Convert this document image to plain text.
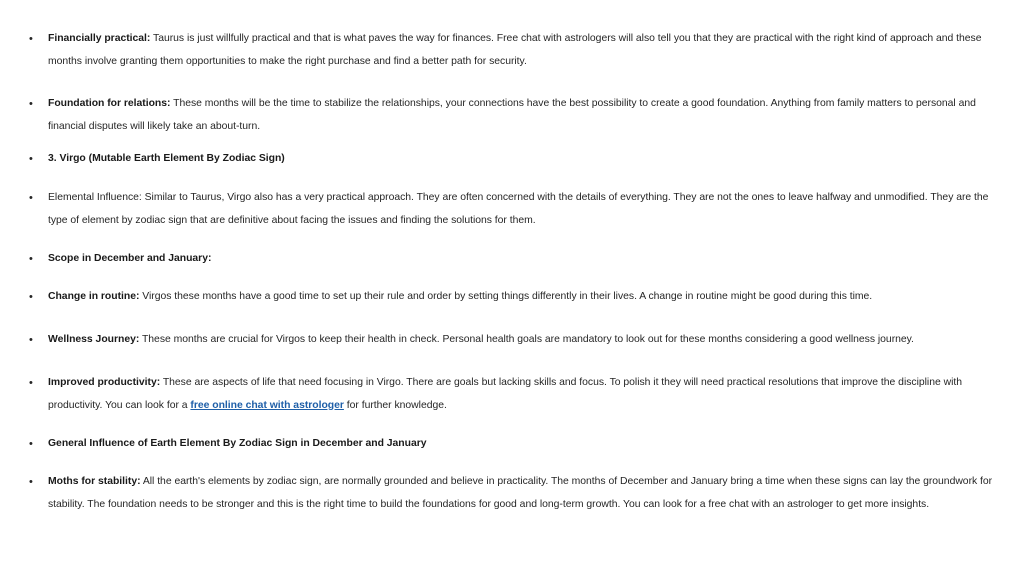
• Financially practical: Taurus is just willfully practical and that is what paves the way for finances. Free chat with astrologers will also tell you that they are practical with the right kind of approach and these months involve granting them opportunities to make the right purchase and find a better path for security.
• Foundation for relations: These months will be the time to stabilize the relationships, your connections have the best possibility to create a good foundation. Anything from family matters to personal and financial disputes will likely take an about-turn.
• 3. Virgo (Mutable Earth Element By Zodiac Sign)
• Elemental Influence: Similar to Taurus, Virgo also has a very practical approach. They are often concerned with the details of everything. They are not the ones to leave halfway and unmodified. They are the type of element by zodiac sign that are definitive about facing the issues and finding the solutions for them.
• Scope in December and January:
• Change in routine: Virgos these months have a good time to set up their rule and order by setting things differently in their lives. A change in routine might be good during this time.
• Wellness Journey: These months are crucial for Virgos to keep their health in check. Personal health goals are mandatory to look out for these months considering a good wellness journey.
• Improved productivity: These are aspects of life that need focusing in Virgo. There are goals but lacking skills and focus. To polish it they will need practical resolutions that improve the discipline with productivity. You can look for a free online chat with astrologer for further knowledge.
• General Influence of Earth Element By Zodiac Sign in December and January
• Moths for stability: All the earth's elements by zodiac sign, are normally grounded and believe in practicality. The months of December and January bring a time when these signs can lay the groundwork for stability. The foundation needs to be stronger and this is the right time to build the foundations for good and long-term growth. You can look for a free chat with an astrologer to get more insights.
